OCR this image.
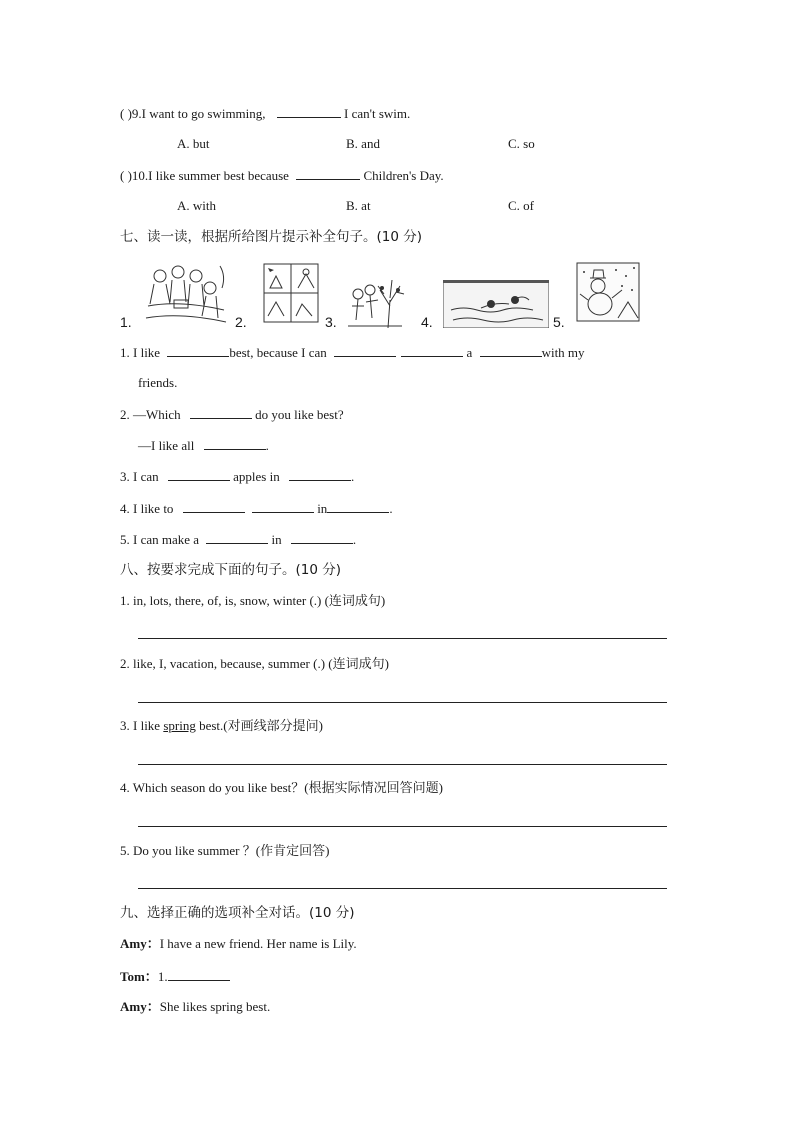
( )9.I want to go swimming,	I can't swim.
A. but	B. and	C. so
( )10.I like summer best because	Children's Day.
A. with	B. at	C. of
七、读一读，根据所给图片提示补全句子。(10 分)
1.	2.	3.	4.	5.
1. I like	best, because I can	a	with my
friends.
2. —Which	do you like best?
—I like all	.
3. I can	apples in	.
4. I like to	in	.
5. I can make a	in	.
八、按要求完成下面的句子。(10 分)
1. in, lots, there, of, is, snow, winter (.) (连词成句)
2. like, I, vacation, because, summer (.) (连词成句)
3. I like spring best.(对画线部分提问)
4. Which season do you like best？(根据实际情况回答问题)
5. Do you like summer ？(作肯定回答)
九、选择正确的选项补全对话。(10 分)
Amy：I have a new friend. Her name is Lily.
Tom：1.
Amy：She likes spring best.
